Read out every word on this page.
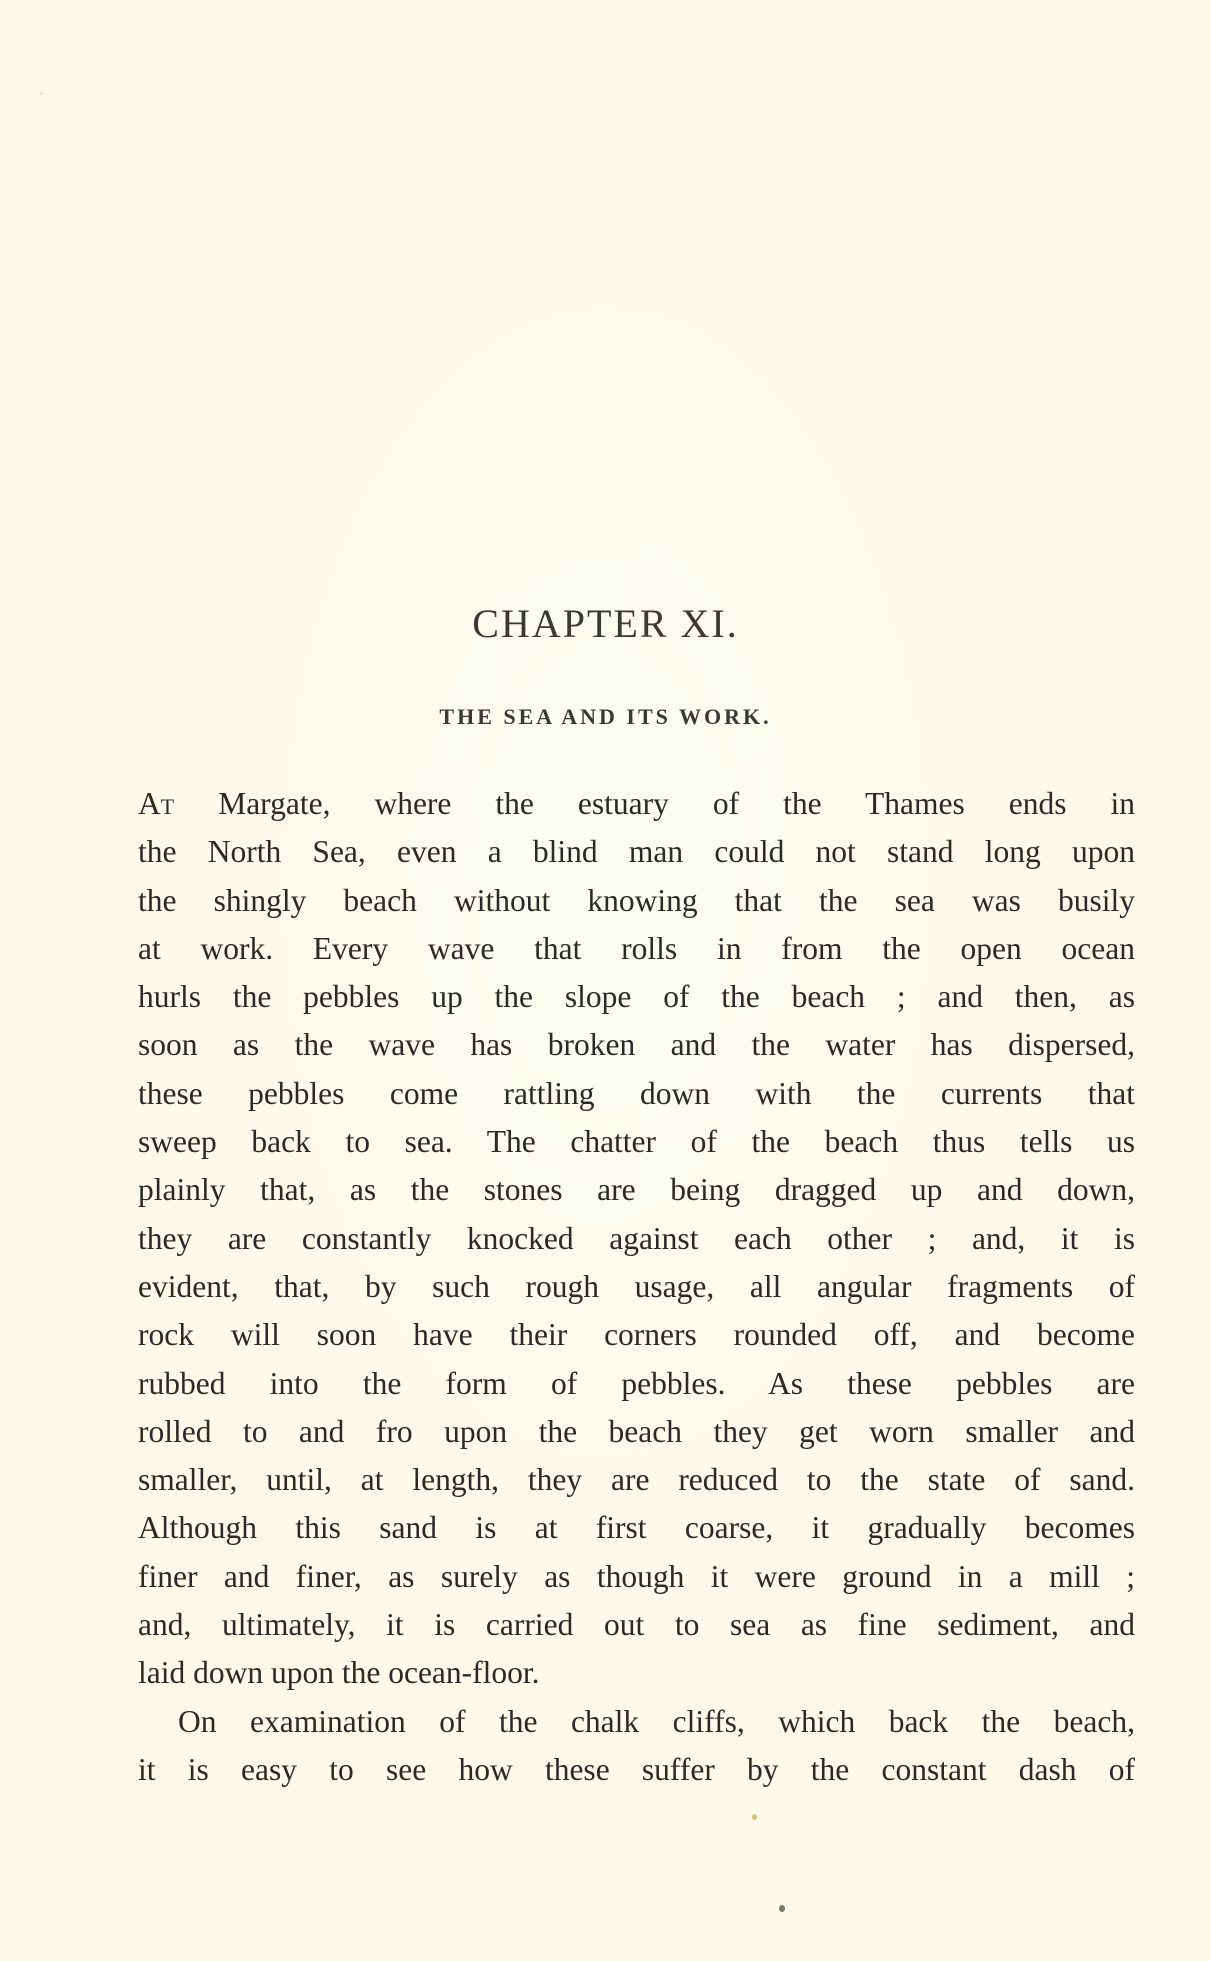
CHAPTER XI.
THE SEA AND ITS WORK.
At Margate, where the estuary of the Thames ends in
the North Sea, even a blind man could not stand long upon
the shingly beach without knowing that the sea was busily
at work. Every wave that rolls in from the open ocean
hurls the pebbles up the slope of the beach ; and then, as
soon as the wave has broken and the water has dispersed,
these pebbles come rattling down with the currents that
sweep back to sea. The chatter of the beach thus tells us
plainly that, as the stones are being dragged up and down,
they are constantly knocked against each other ; and, it is
evident, that, by such rough usage, all angular fragments of
rock will soon have their corners rounded off, and become
rubbed into the form of pebbles. As these pebbles are
rolled to and fro upon the beach they get worn smaller and
smaller, until, at length, they are reduced to the state of sand.
Although this sand is at first coarse, it gradually becomes
finer and finer, as surely as though it were ground in a mill ;
and, ultimately, it is carried out to sea as fine sediment, and
laid down upon the ocean-floor.
On examination of the chalk cliffs, which back the beach,
it is easy to see how these suffer by the constant dash of
